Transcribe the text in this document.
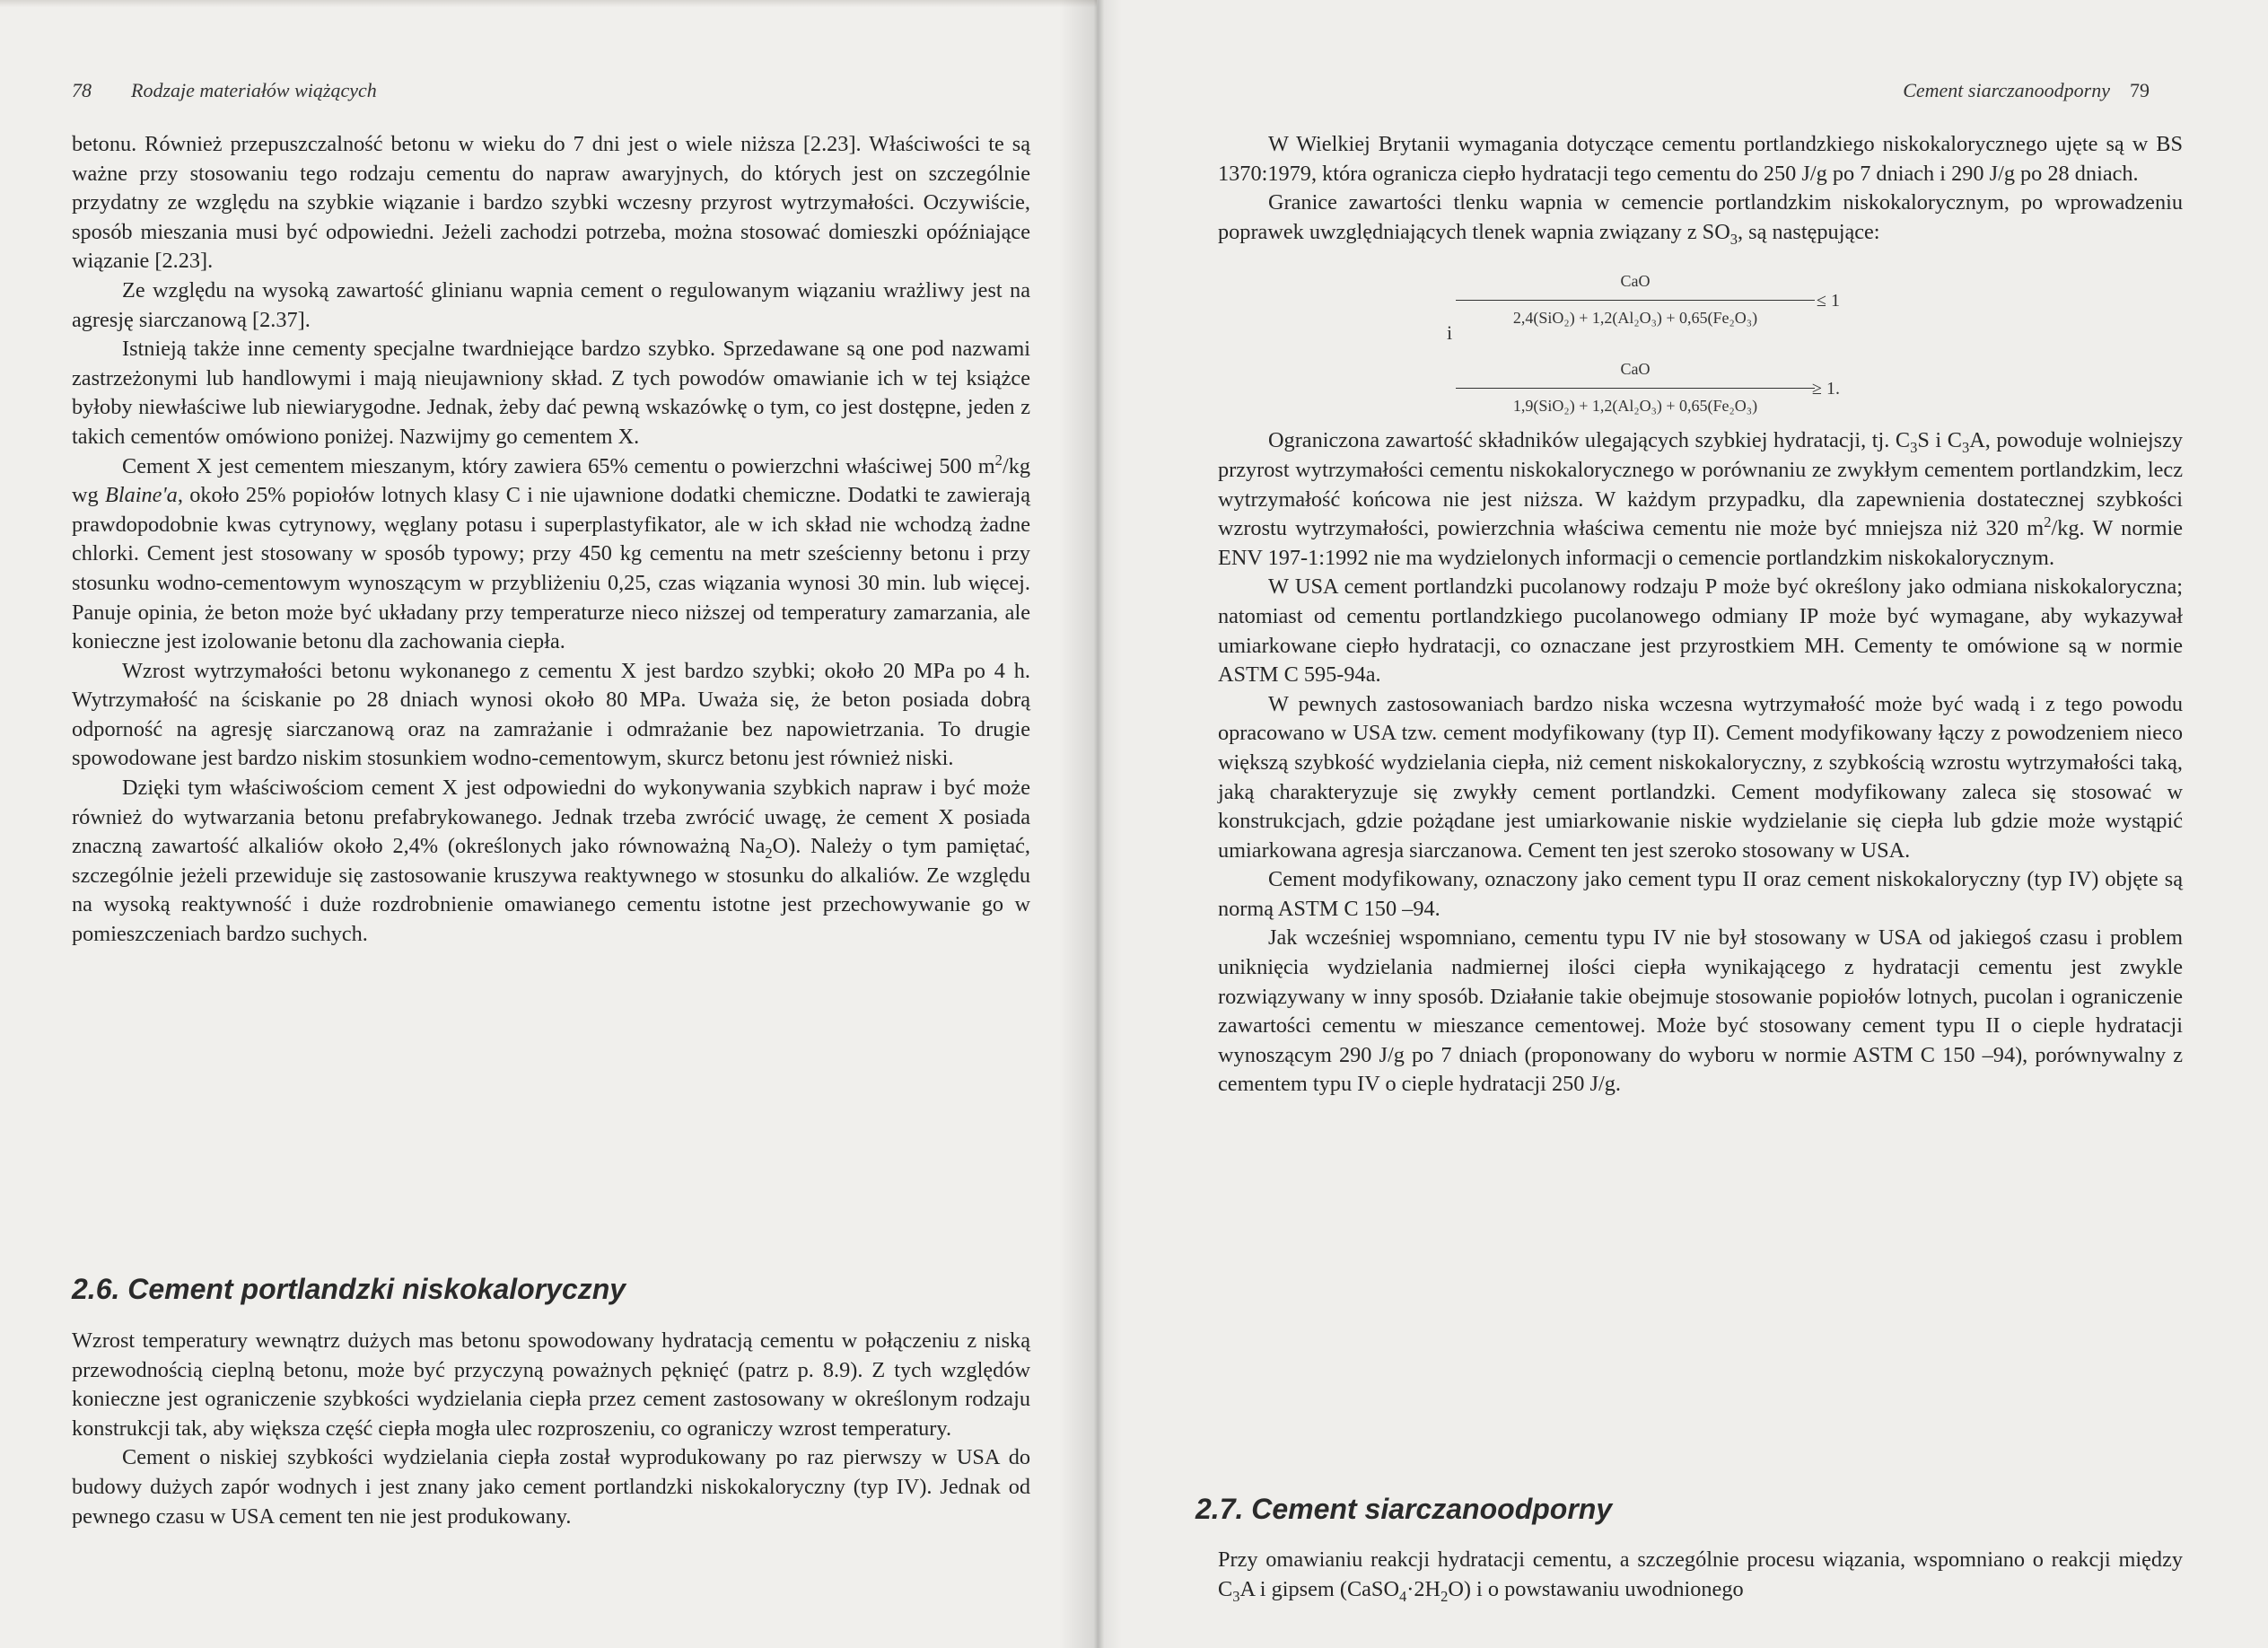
78 Rodzaje materiałów wiążących

betonu. Również przepuszczalność betonu w wieku do 7 dni jest o wiele niższa [2.23]. Właściwości te są ważne przy stosowaniu tego rodzaju cementu do napraw awaryjnych, do których jest on szczególnie przydatny ze względu na szybkie wiązanie i bardzo szybki wczesny przyrost wytrzymałości. Oczywiście, sposób mieszania musi być odpowiedni. Jeżeli zachodzi potrzeba, można stosować domieszki opóźniające wiązanie [2.23].

Ze względu na wysoką zawartość glinianu wapnia cement o regulowanym wiązaniu wrażliwy jest na agresję siarczanową [2.37].

Istnieją także inne cementy specjalne twardniejące bardzo szybko. Sprzedawane są one pod nazwami zastrzeżonymi lub handlowymi i mają nieujawniony skład. Z tych powodów omawianie ich w tej książce byłoby niewłaściwe lub niewiarygodne. Jednak, żeby dać pewną wskazówkę o tym, co jest dostępne, jeden z takich cementów omówiono poniżej. Nazwijmy go cementem X.

Cement X jest cementem mieszanym, który zawiera 65% cementu o powierzchni właściwej 500 $m^2/kg$ wg Blaine'a, około 25% popiołów lotnych klasy C i nie ujawnione dodatki chemiczne. Dodatki te zawierają prawdopodobnie kwas cytrynowy, węglany potasu i superplastyfikator, ale w ich skład nie wchodzą żadne chlorki. Cement jest stosowany w sposób typowy; przy 450 kg cementu na metr sześcienny betonu i przy stosunku wodno-cementowym wynoszącym w przybliżeniu 0,25, czas wiązania wynosi 30 min. lub więcej. Panuje opinia, że beton może być układany przy temperaturze nieco niższej od temperatury zamarzania, ale konieczne jest izolowanie betonu dla zachowania ciepła.

Wzrost wytrzymałości betonu wykonanego z cementu X jest bardzo szybki; około 20 MPa po 4 h. Wytrzymałość na ściskanie po 28 dniach wynosi około 80 MPa. Uważa się, że beton posiada dobrą odporność na agresję siarczanową oraz na zamrażanie i odmrażanie bez napowietrzania. To drugie spowodowane jest bardzo niskim stosunkiem wodno-cementowym, skurcz betonu jest również niski.

Dzięki tym właściwościom cement X jest odpowiedni do wykonywania szybkich napraw i być może również do wytwarzania betonu prefabrykowanego. Jednak trzeba zwrócić uwagę, że cement X posiada znaczną zawartość alkaliów około 2,4% (określonych jako równoważną $Na_2O$). Należy o tym pamiętać, szczególnie jeżeli przewiduje się zastosowanie kruszywa reaktywnego w stosunku do alkaliów. Ze względu na wysoką reaktywność i duże rozdrobnienie omawianego cementu istotne jest przechowywanie go w pomieszczeniach bardzo suchych.

2.6. Cement portlandzki niskokaloryczny

Wzrost temperatury wewnątrz dużych mas betonu spowodowany hydratacją cementu w połączeniu z niską przewodnością cieplną betonu, może być przyczyną poważnych pęknięć (patrz p. 8.9). Z tych względów konieczne jest ograniczenie szybkości wydzielania ciepła przez cement zastosowany w określonym rodzaju konstrukcji tak, aby większa część ciepła mogła ulec rozproszeniu, co ograniczy wzrost temperatury.

Cement o niskiej szybkości wydzielania ciepła został wyprodukowany po raz pierwszy w USA do budowy dużych zapór wodnych i jest znany jako cement portlandzki niskokaloryczny (typ IV). Jednak od pewnego czasu w USA cement ten nie jest produkowany.

Cement siarczanoodporny 79

W Wielkiej Brytanii wymagania dotyczące cementu portlandzkiego niskokalorycznego ujęte są w BS 1370:1979, która ogranicza ciepło hydratacji tego cementu do 250 J/g po 7 dniach i 290 J/g po 28 dniach.

Granice zawartości tlenku wapnia w cemencie portlandzkim niskokalorycznym, po wprowadzeniu poprawek uwzględniających tlenek wapnia związany z $SO_3$, są następujące:

CaO
2,4(SiO₂) + 1,2(Al₂O₃) + 0,65(Fe₂O₃)
≤ 1
i
CaO
1,9(SiO₂) + 1,2(Al₂O₃) + 0,65(Fe₂O₃)
≥ 1.

Ograniczona zawartość składników ulegających szybkiej hydratacji, tj. $C_3S$ i $C_3A$, powoduje wolniejszy przyrost wytrzymałości cementu niskokalorycznego w porównaniu ze zwykłym cementem portlandzkim, lecz wytrzymałość końcowa nie jest niższa. W każdym przypadku, dla zapewnienia dostatecznej szybkości wzrostu wytrzymałości, powierzchnia właściwa cementu nie może być mniejsza niż 320 $m^2/kg$. W normie ENV 197-1:1992 nie ma wydzielonych informacji o cemencie portlandzkim niskokalorycznym.

W USA cement portlandzki pucolanowy rodzaju P może być określony jako odmiana niskokaloryczna; natomiast od cementu portlandzkiego pucolanowego odmiany IP może być wymagane, aby wykazywał umiarkowane ciepło hydratacji, co oznaczane jest przyrostkiem MH. Cementy te omówione są w normie ASTM C 595-94a.

W pewnych zastosowaniach bardzo niska wczesna wytrzymałość może być wadą i z tego powodu opracowano w USA tzw. cement modyfikowany (typ II). Cement modyfikowany łączy z powodzeniem nieco większą szybkość wydzielania ciepła, niż cement niskokaloryczny, z szybkością wzrostu wytrzymałości taką, jaką charakteryzuje się zwykły cement portlandzki. Cement modyfikowany zaleca się stosować w konstrukcjach, gdzie pożądane jest umiarkowanie niskie wydzielanie się ciepła lub gdzie może wystąpić umiarkowana agresja siarczanowa. Cement ten jest szeroko stosowany w USA.

Cement modyfikowany, oznaczony jako cement typu II oraz cement niskokaloryczny (typ IV) objęte są normą ASTM C 150 –94.

Jak wcześniej wspomniano, cementu typu IV nie był stosowany w USA od jakiegoś czasu i problem uniknięcia wydzielania nadmiernej ilości ciepła wynikającego z hydratacji cementu jest zwykle rozwiązywany w inny sposób. Działanie takie obejmuje stosowanie popiołów lotnych, pucolan i ograniczenie zawartości cementu w mieszance cementowej. Może być stosowany cement typu II o cieple hydratacji wynoszącym 290 J/g po 7 dniach (proponowany do wyboru w normie ASTM C 150 –94), porównywalny z cementem typu IV o cieple hydratacji 250 J/g.

2.7. Cement siarczanoodporny

Przy omawianiu reakcji hydratacji cementu, a szczególnie procesu wiązania, wspomniano o reakcji między $C_3A$ i gipsem $(CaSO_4\cdot 2H_2O)$ i o powstawaniu uwodnionego
